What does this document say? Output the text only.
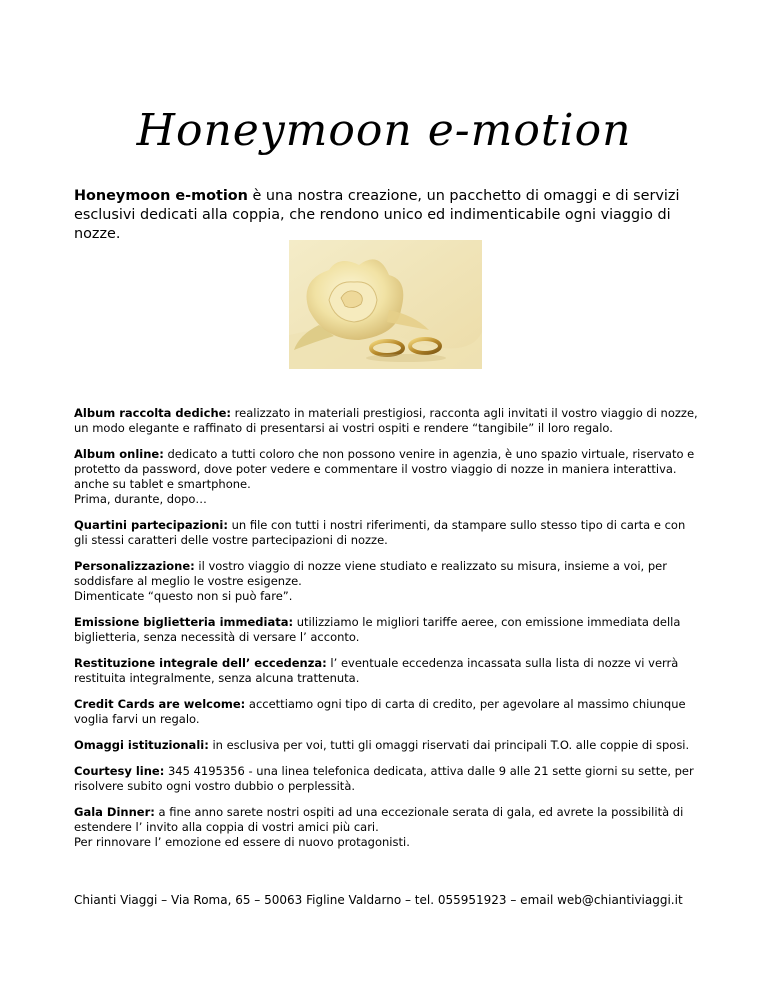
Honeymoon e-motion

Honeymoon e-motion è una nostra creazione, un pacchetto di omaggi e di servizi esclusivi dedicati alla coppia, che rendono unico ed indimenticabile ogni viaggio di nozze.

Album raccolta dediche: realizzato in materiali prestigiosi, racconta agli invitati il vostro viaggio di nozze, un modo elegante e raffinato di presentarsi ai vostri ospiti e rendere “tangibile” il loro regalo.
Album online: dedicato a tutti coloro che non possono venire in agenzia, è uno spazio virtuale, riservato e protetto da password, dove poter vedere e commentare il vostro viaggio di nozze in maniera interattiva.
anche su tablet e smartphone.
Prima, durante, dopo…
Quartini partecipazioni: un file con tutti i nostri riferimenti, da stampare sullo stesso tipo di carta e con gli stessi caratteri delle vostre partecipazioni di nozze.
Personalizzazione: il vostro viaggio di nozze viene studiato e realizzato su misura, insieme a voi, per soddisfare al meglio le vostre esigenze.
Dimenticate “questo non si può fare”.
Emissione biglietteria immediata: utilizziamo le migliori tariffe aeree, con emissione immediata della biglietteria, senza necessità di versare l’ acconto.
Restituzione integrale dell’ eccedenza: l’ eventuale eccedenza incassata sulla lista di nozze vi verrà restituita integralmente, senza alcuna trattenuta.
Credit Cards are welcome: accettiamo ogni tipo di carta di credito, per agevolare al massimo chiunque voglia farvi un regalo.
Omaggi istituzionali: in esclusiva per voi, tutti gli omaggi riservati dai principali T.O. alle coppie di sposi.
Courtesy line: 345 4195356 - una linea telefonica dedicata, attiva dalle 9 alle 21 sette giorni su sette, per risolvere subito ogni vostro dubbio o perplessità.
Gala Dinner: a fine anno sarete nostri ospiti ad una eccezionale serata di gala, ed avrete la possibilità di estendere l’ invito alla coppia di vostri amici più cari.
Per rinnovare l’ emozione ed essere di nuovo protagonisti.
Chianti Viaggi – Via Roma, 65 – 50063 Figline Valdarno – tel. 055951923 – email web@chiantiviaggi.it
